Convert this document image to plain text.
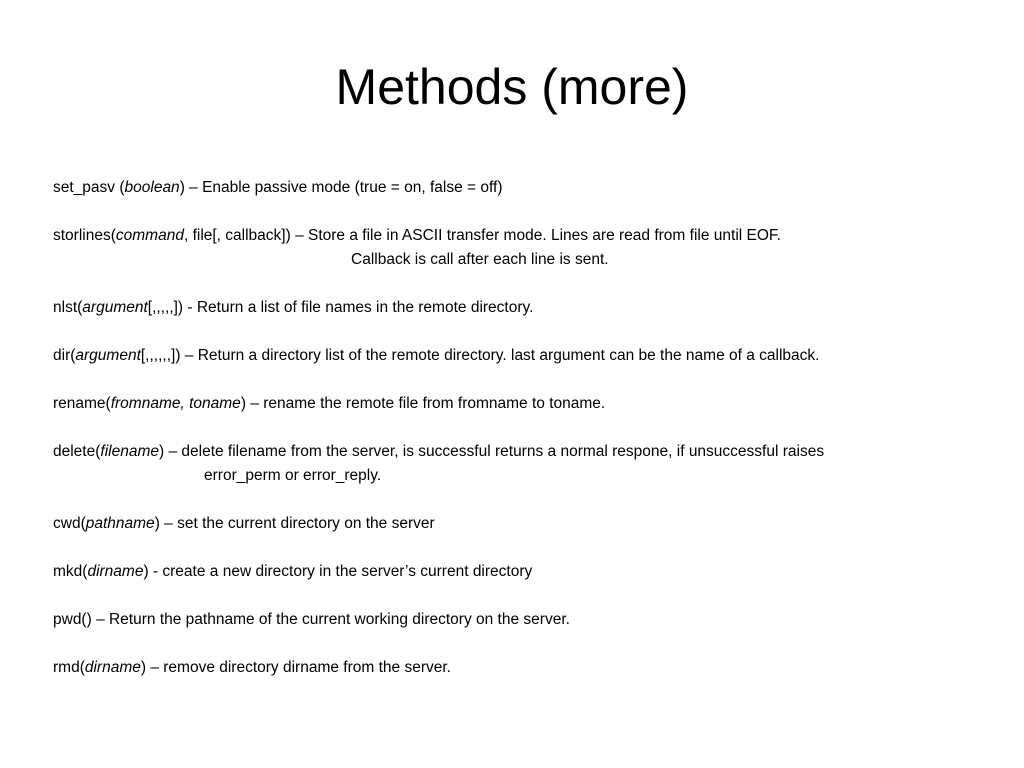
Methods (more)
set_pasv (boolean) – Enable passive mode (true = on, false = off)
storlines(command, file[, callback]) – Store a file in ASCII transfer mode. Lines are read from file until EOF.
Callback is call after each line is sent.
nlst(argument[,,,,,]) - Return a list of file names in the remote directory.
dir(argument[,,,,,,]) – Return a directory list of the remote directory. last argument can be the name of a callback.
rename(fromname, toname) – rename the remote file from fromname to toname.
delete(filename) – delete filename from the server, is successful returns a normal respone, if unsuccessful raises
error_perm or error_reply.
cwd(pathname) – set the current directory on the server
mkd(dirname) - create a new directory in the server’s current directory
pwd() – Return the pathname of the current working directory on the server.
rmd(dirname) – remove directory dirname from the server.
